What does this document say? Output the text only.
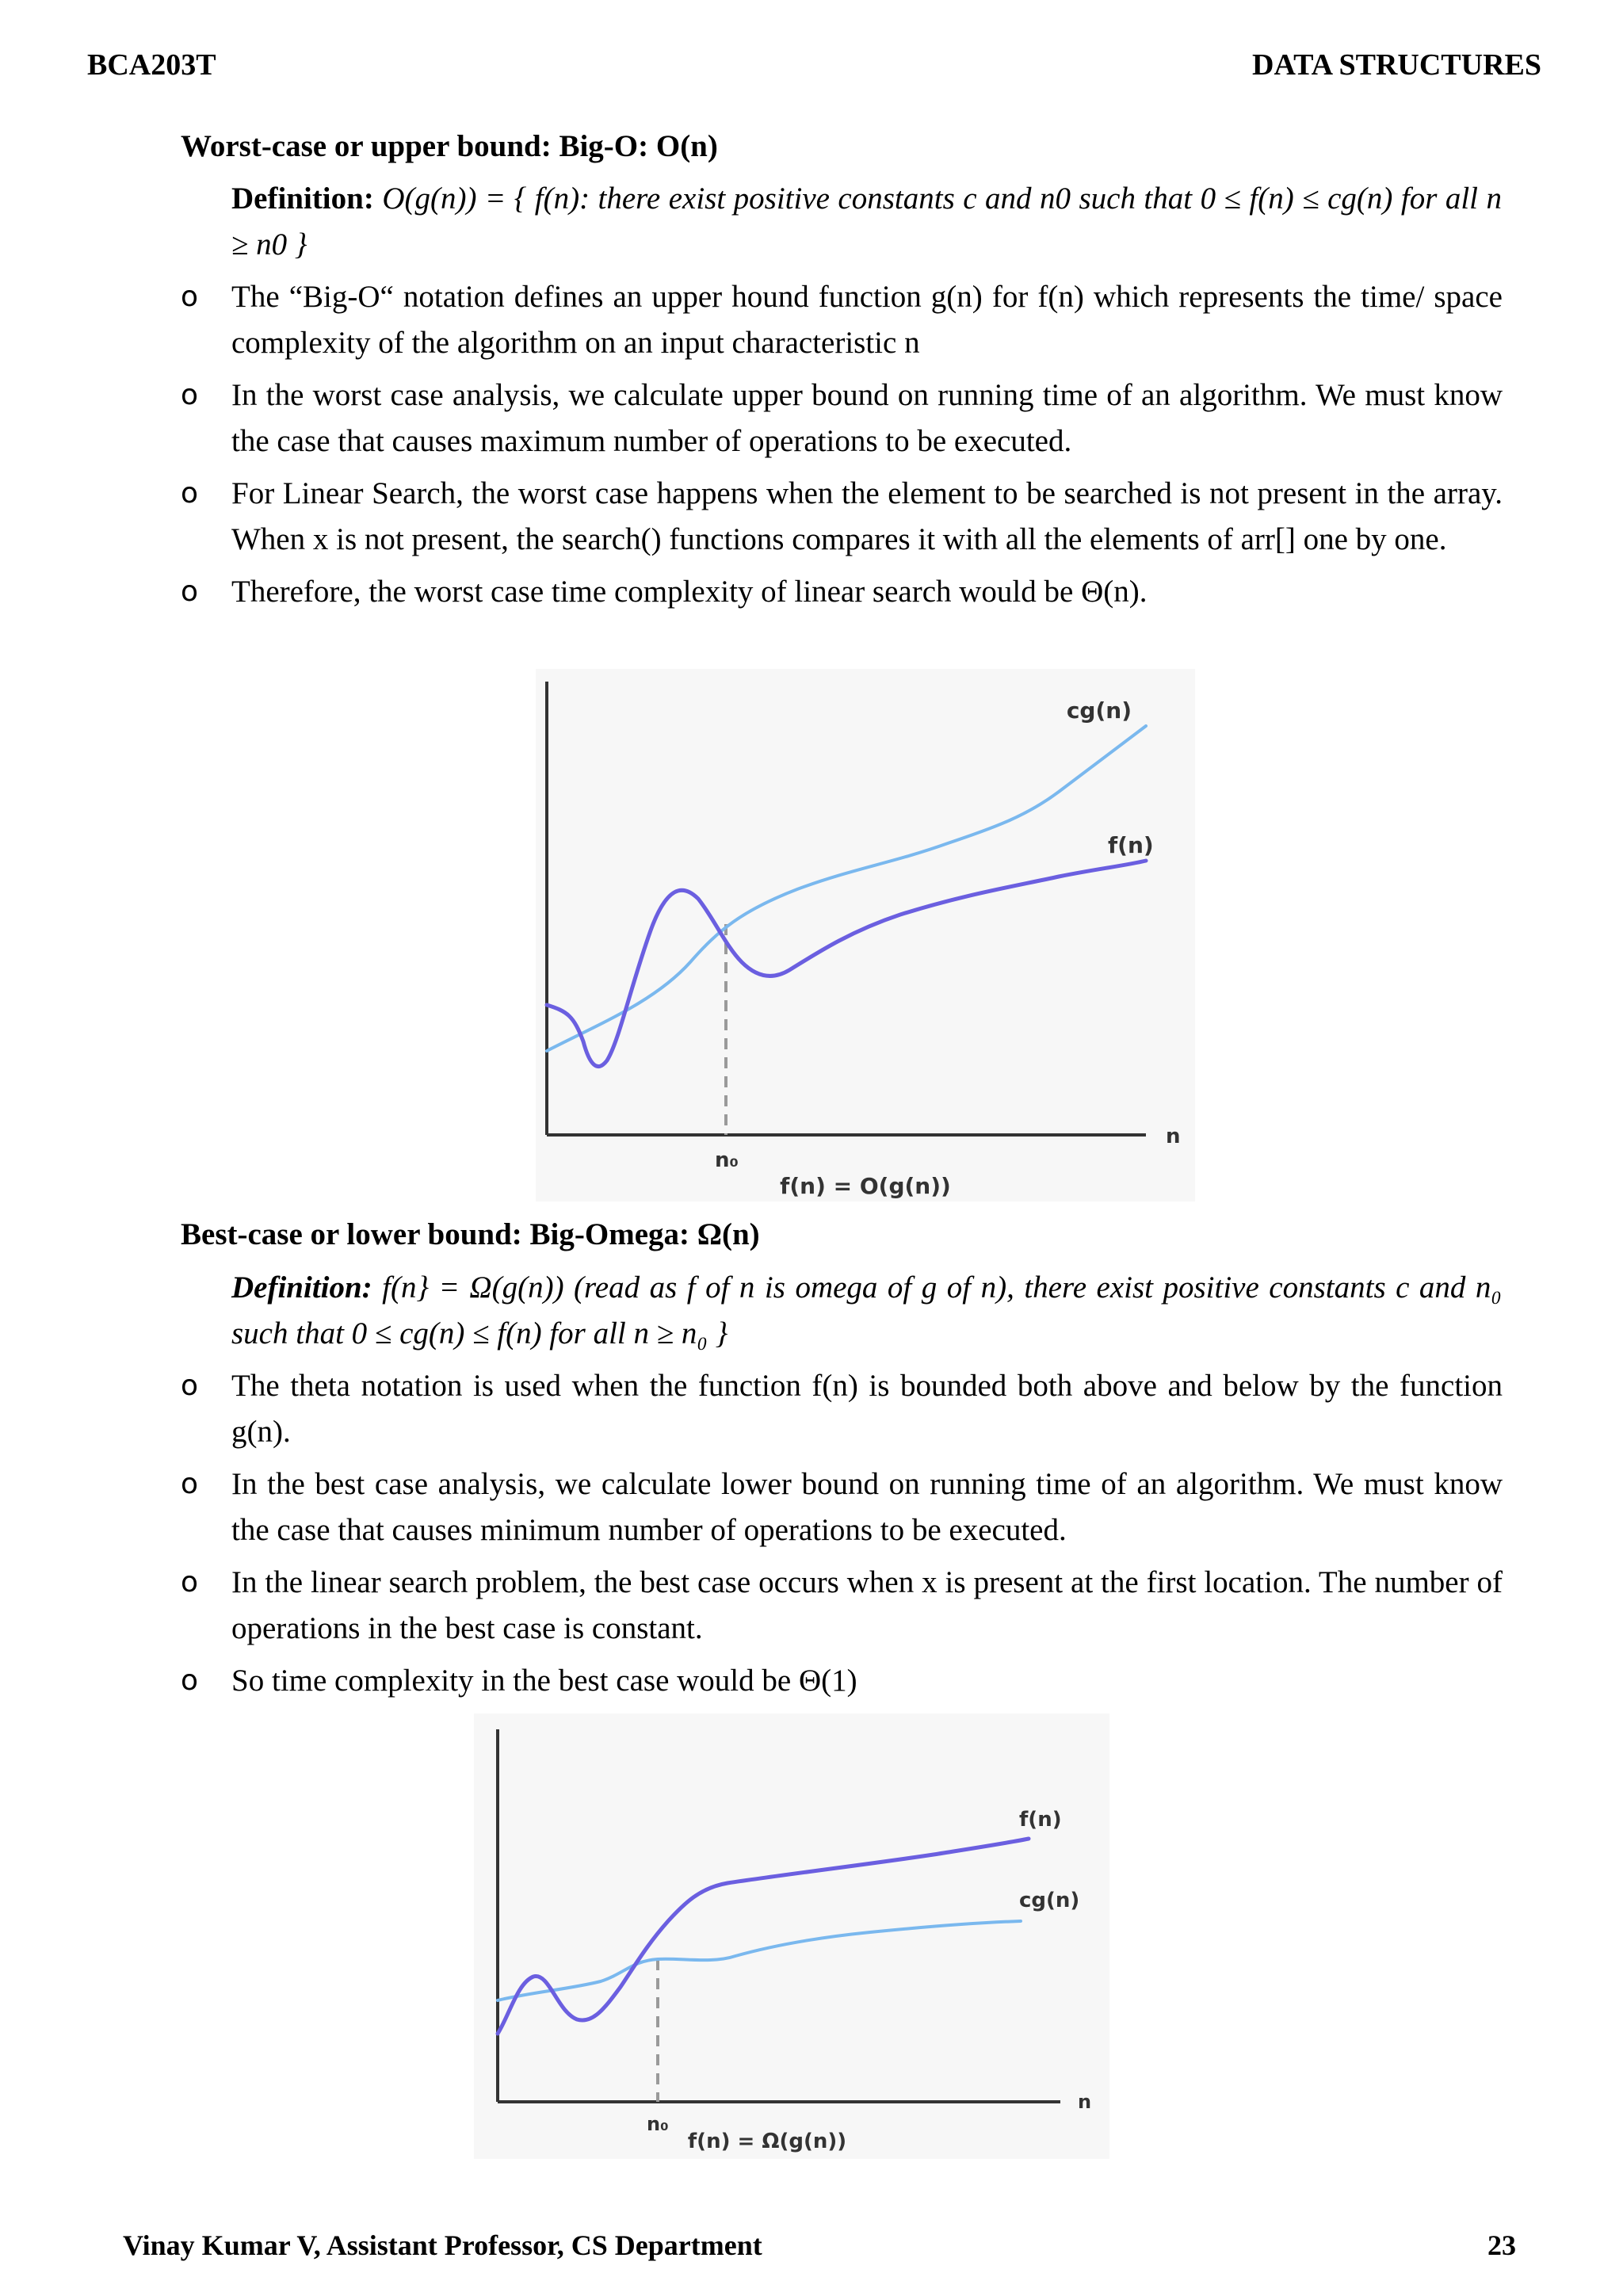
BCA203T	DATA STRUCTURES
Worst-case or upper bound: Big-O: O(n)
Definition: O(g(n)) = { f(n): there exist positive constants c and n0 such that 0 ≤ f(n) ≤ cg(n) for all n ≥ n0 }
o The “Big-O“ notation defines an upper hound function g(n) for f(n) which represents the time/ space complexity of the algorithm on an input characteristic n
o In the worst case analysis, we calculate upper bound on running time of an algorithm. We must know the case that causes maximum number of operations to be executed.
o For Linear Search, the worst case happens when the element to be searched is not present in the array. When x is not present, the search() functions compares it with all the elements of arr[] one by one.
o Therefore, the worst case time complexity of linear search would be Θ(n).
cg(n)
f(n)
n
n₀
f(n) = O(g(n))
Best-case or lower bound: Big-Omega: Ω(n)
Definition: f(n} = Ω(g(n)) (read as f of n is omega of g of n), there exist positive constants c and n₀ such that 0 ≤ cg(n) ≤ f(n) for all n ≥ n₀ }
o The theta notation is used when the function f(n) is bounded both above and below by the function g(n).
o In the best case analysis, we calculate lower bound on running time of an algorithm. We must know the case that causes minimum number of operations to be executed.
o In the linear search problem, the best case occurs when x is present at the first location. The number of operations in the best case is constant.
o So time complexity in the best case would be Θ(1)
f(n)
cg(n)
n
n₀
f(n) = Ω(g(n))
Vinay Kumar V, Assistant Professor, CS Department	23
